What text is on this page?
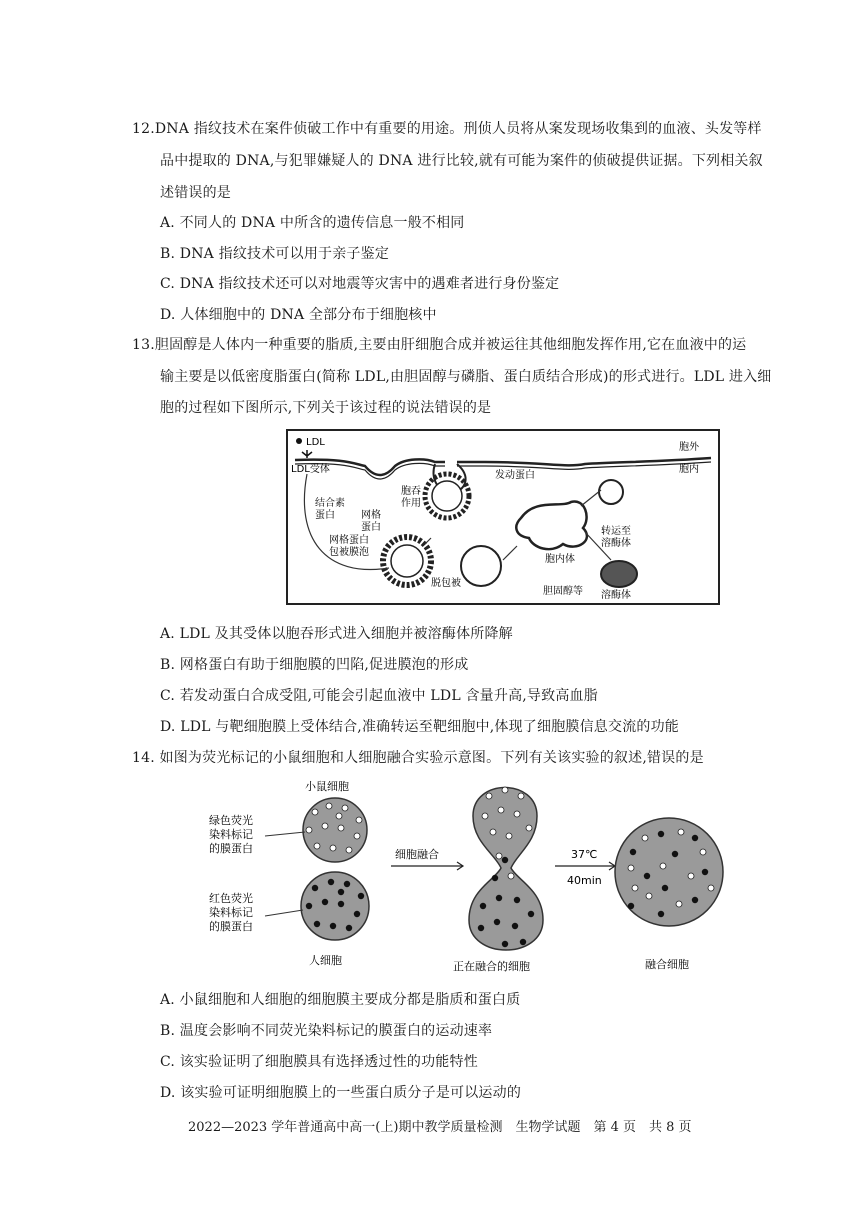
12.DNA 指纹技术在案件侦破工作中有重要的用途。刑侦人员将从案发现场收集到的血液、头发等样
品中提取的 DNA,与犯罪嫌疑人的 DNA 进行比较,就有可能为案件的侦破提供证据。下列相关叙
述错误的是
A. 不同人的 DNA 中所含的遗传信息一般不相同
B. DNA 指纹技术可以用于亲子鉴定
C. DNA 指纹技术还可以对地震等灾害中的遇难者进行身份鉴定
D. 人体细胞中的 DNA 全部分布于细胞核中
13.胆固醇是人体内一种重要的脂质,主要由肝细胞合成并被运往其他细胞发挥作用,它在血液中的运
输主要是以低密度脂蛋白(简称 LDL,由胆固醇与磷脂、蛋白质结合形成)的形式进行。LDL 进入细
胞的过程如下图所示,下列关于该过程的说法错误的是
LDL
LDL受体
胞外
胞内
发动蛋白
结合素
蛋白	网格
蛋白
胞吞
作用
网格蛋白
包被膜泡
脱包被
胞内体
转运至
溶酶体
胆固醇等 溶酶体
A. LDL 及其受体以胞吞形式进入细胞并被溶酶体所降解
B. 网格蛋白有助于细胞膜的凹陷,促进膜泡的形成
C. 若发动蛋白合成受阻,可能会引起血液中 LDL 含量升高,导致高血脂
D. LDL 与靶细胞膜上受体结合,准确转运至靶细胞中,体现了细胞膜信息交流的功能
14. 如图为荧光标记的小鼠细胞和人细胞融合实验示意图。下列有关该实验的叙述,错误的是
小鼠细胞
绿色荧光
染料标记
的膜蛋白
红色荧光
染料标记
的膜蛋白
人细胞
细胞融合
正在融合的细胞
37℃
40min
融合细胞
A. 小鼠细胞和人细胞的细胞膜主要成分都是脂质和蛋白质
B. 温度会影响不同荧光染料标记的膜蛋白的运动速率
C. 该实验证明了细胞膜具有选择透过性的功能特性
D. 该实验可证明细胞膜上的一些蛋白质分子是可以运动的
2022—2023 学年普通高中高一(上)期中教学质量检测　生物学试题　第 4 页　共 8 页
